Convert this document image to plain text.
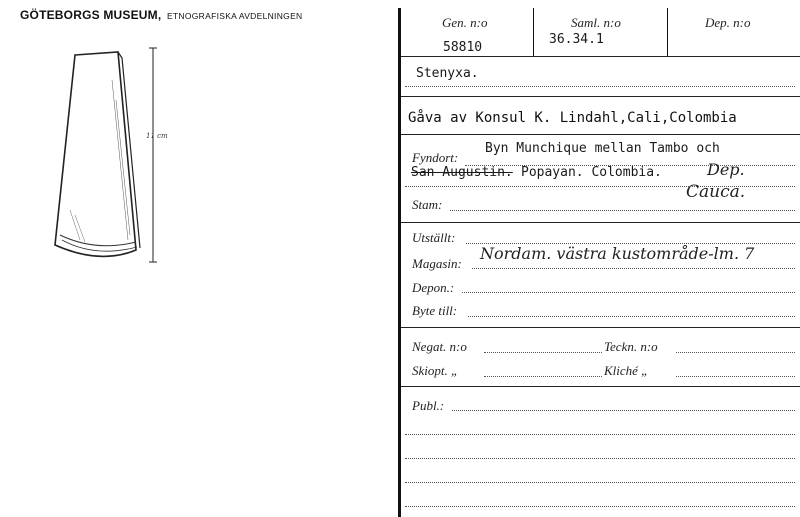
GÖTEBORGS MUSEUM, ETNOGRAFISKA AVDELNINGEN
11 cm
Gen. n:o
58810
Saml. n:o
36.34.1
Dep. n:o
Stenyxa.
Gåva av Konsul K. Lindahl,Cali,Colombia
Fyndort:
Byn Munchique mellan Tambo och
San Augustin. Popayan. Colombia.	Dep.
Cauca.
Stam:
Utställt:
Magasin:
Nordam. västra kustområde-lm. 7
Depon.:
Byte till:
Negat. n:o	Teckn. n:o
Skiopt. „	Kliché „
Publ.:
